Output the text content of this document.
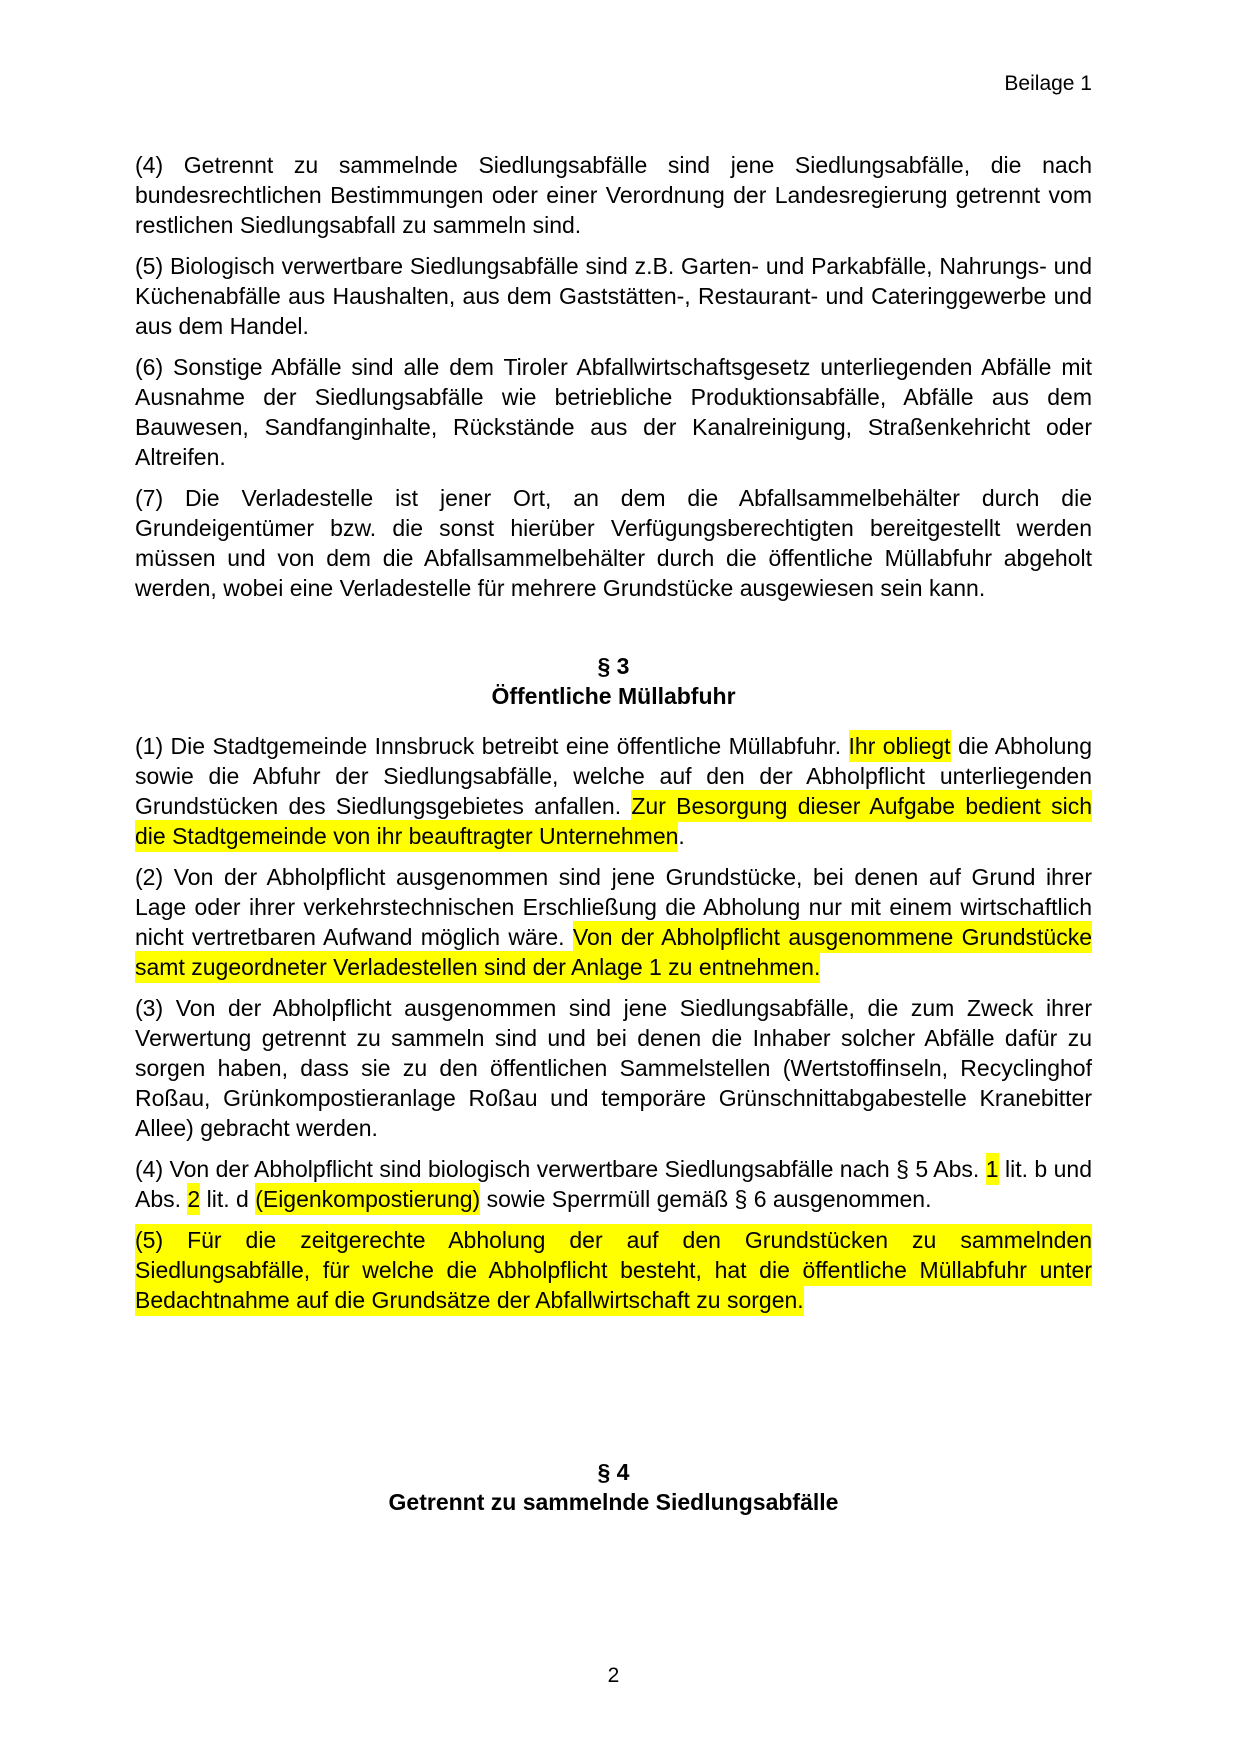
Beilage 1

(4) Getrennt zu sammelnde Siedlungsabfälle sind jene Siedlungsabfälle, die nach bundesrechtlichen Bestimmungen oder einer Verordnung der Landesregierung getrennt vom restlichen Siedlungsabfall zu sammeln sind.

(5) Biologisch verwertbare Siedlungsabfälle sind z.B. Garten- und Parkabfälle, Nahrungs- und Küchenabfälle aus Haushalten, aus dem Gaststätten-, Restaurant- und Cateringgewerbe und aus dem Handel.

(6) Sonstige Abfälle sind alle dem Tiroler Abfallwirtschaftsgesetz unterliegenden Abfälle mit Ausnahme der Siedlungsabfälle wie betriebliche Produktionsabfälle, Abfälle aus dem Bauwesen, Sandfanginhalte, Rückstände aus der Kanalreinigung, Straßenkehricht oder Altreifen.

(7) Die Verladestelle ist jener Ort, an dem die Abfallsammelbehälter durch die Grundeigentümer bzw. die sonst hierüber Verfügungsberechtigten bereitgestellt werden müssen und von dem die Abfallsammelbehälter durch die öffentliche Müllabfuhr abgeholt werden, wobei eine Verladestelle für mehrere Grundstücke ausgewiesen sein kann.

§ 3
Öffentliche Müllabfuhr

(1) Die Stadtgemeinde Innsbruck betreibt eine öffentliche Müllabfuhr. Ihr obliegt die Abholung sowie die Abfuhr der Siedlungsabfälle, welche auf den der Abholpflicht unterliegenden Grundstücken des Siedlungsgebietes anfallen. Zur Besorgung dieser Aufgabe bedient sich die Stadtgemeinde von ihr beauftragter Unternehmen.

(2) Von der Abholpflicht ausgenommen sind jene Grundstücke, bei denen auf Grund ihrer Lage oder ihrer verkehrstechnischen Erschließung die Abholung nur mit einem wirtschaftlich nicht vertretbaren Aufwand möglich wäre. Von der Abholpflicht ausgenommene Grundstücke samt zugeordneter Verladestellen sind der Anlage 1 zu entnehmen.

(3) Von der Abholpflicht ausgenommen sind jene Siedlungsabfälle, die zum Zweck ihrer Verwertung getrennt zu sammeln sind und bei denen die Inhaber solcher Abfälle dafür zu sorgen haben, dass sie zu den öffentlichen Sammelstellen (Wertstoffinseln, Recyclinghof Roßau, Grünkompostieranlage Roßau und temporäre Grünschnittabgabestelle Kranebitter Allee) gebracht werden.

(4) Von der Abholpflicht sind biologisch verwertbare Siedlungsabfälle nach § 5 Abs. 1 lit. b und Abs. 2 lit. d (Eigenkompostierung) sowie Sperrmüll gemäß § 6 ausgenommen.

(5) Für die zeitgerechte Abholung der auf den Grundstücken zu sammelnden Siedlungsabfälle, für welche die Abholpflicht besteht, hat die öffentliche Müllabfuhr unter Bedachtnahme auf die Grundsätze der Abfallwirtschaft zu sorgen.

§ 4
Getrennt zu sammelnde Siedlungsabfälle
2
